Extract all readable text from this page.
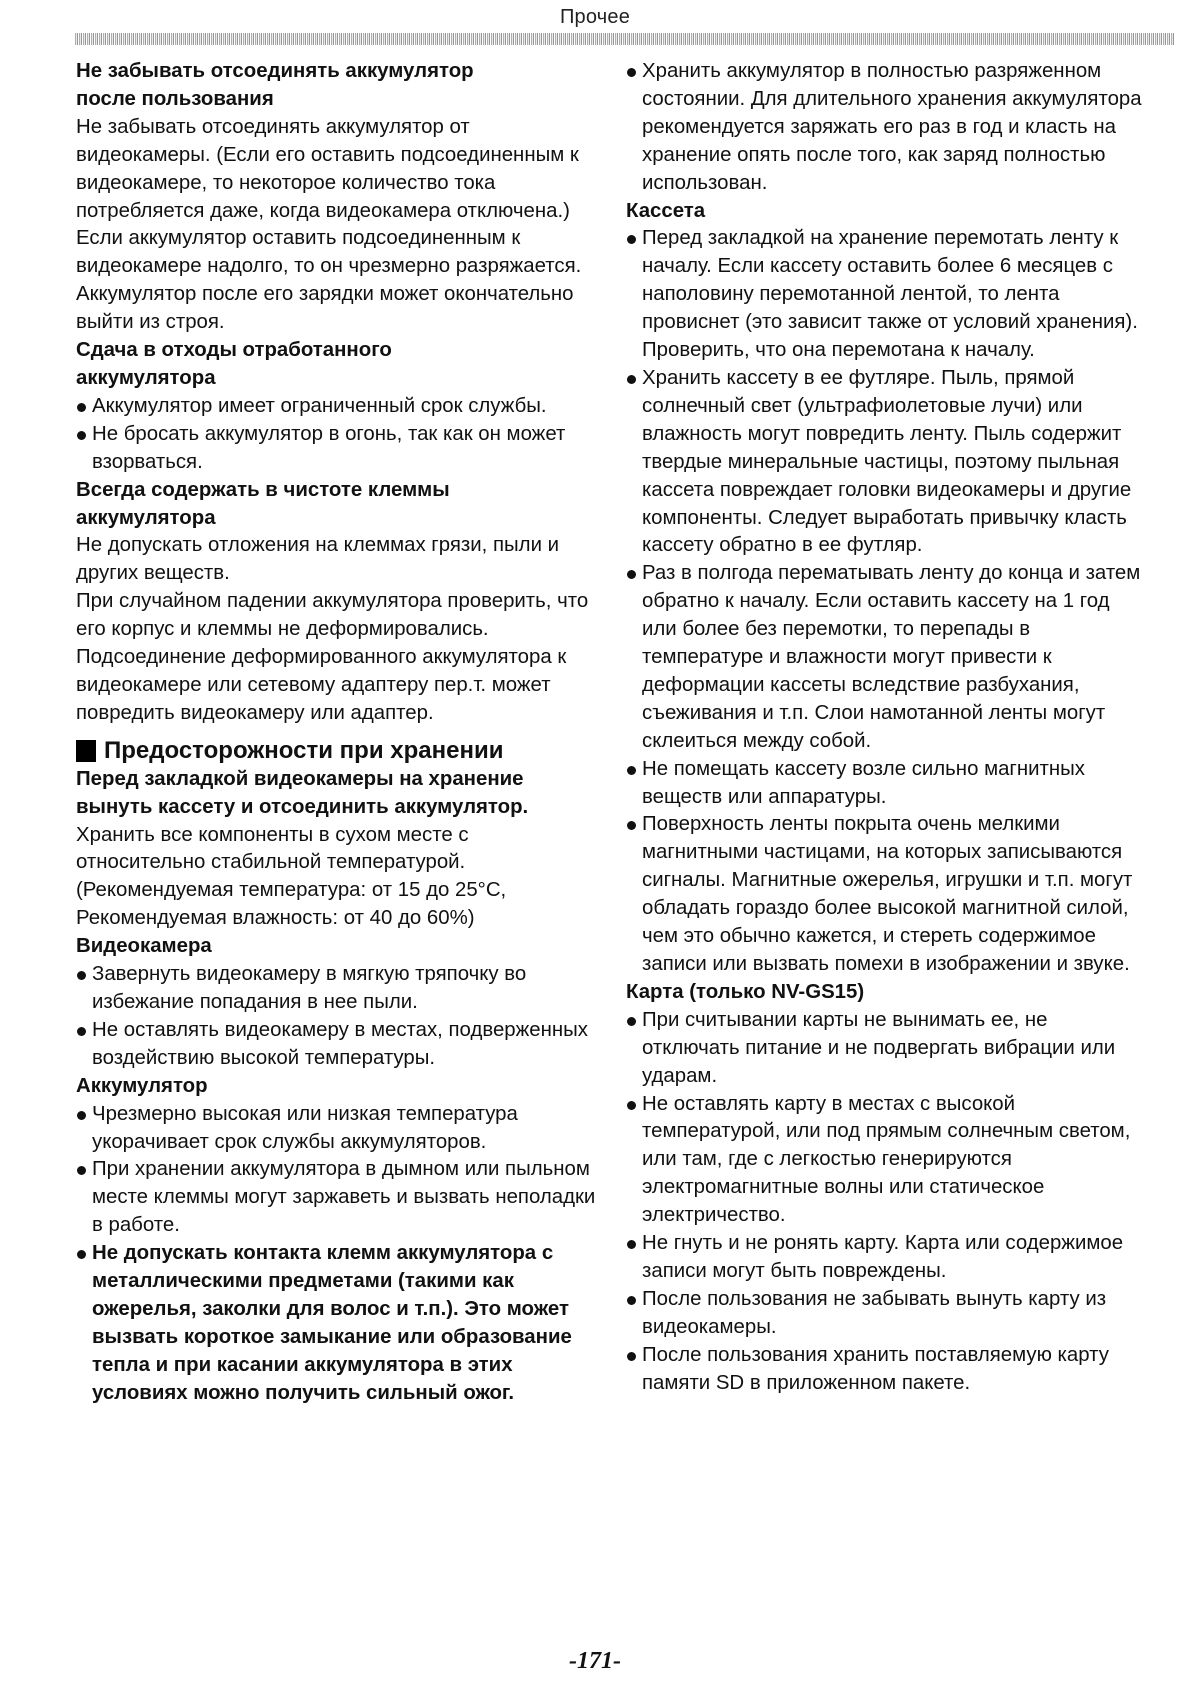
Прочее
Не забывать отсоединять аккумулятор
после пользования

Не забывать отсоединять аккумулятор от видеокамеры. (Если его оставить подсоединенным к видеокамере, то некоторое количество тока потребляется даже, когда видеокамера отключена.) Если аккумулятор оставить подсоединенным к видеокамере надолго, то он чрезмерно разряжается. Аккумулятор после его зарядки может окончательно выйти из строя.

Сдача в отходы отработанного
аккумулятора
Аккумулятор имеет ограниченный срок службы.
Не бросать аккумулятор в огонь, так как он может взорваться.
Всегда содержать в чистоте клеммы
аккумулятора

Не допускать отложения на клеммах грязи, пыли и других веществ.

При случайном падении аккумулятора проверить, что его корпус и клеммы не деформировались.

Подсоединение деформированного аккумулятора к видеокамере или сетевому адаптеру пер.т. может повредить видеокамеру или адаптер.

Предосторожности при хранении

Перед закладкой видеокамеры на хранение вынуть кассету и отсоединить аккумулятор.

Хранить все компоненты в сухом месте с относительно стабильной температурой. (Рекомендуемая температура: от 15 до 25°C, Рекомендуемая влажность: от 40 до 60%)

Видеокамера
Завернуть видеокамеру в мягкую тряпочку во избежание попадания в нее пыли.
Не оставлять видеокамеру в местах, подверженных воздействию высокой температуры.
Аккумулятор
Чрезмерно высокая или низкая температура укорачивает срок службы аккумуляторов.
При хранении аккумулятора в дымном или пыльном месте клеммы могут заржаветь и вызвать неполадки в работе.
Не допускать контакта клемм аккумулятора с металлическими предметами (такими как ожерелья, заколки для волос и т.п.). Это может вызвать короткое замыкание или образование тепла и при касании аккумулятора в этих условиях можно получить сильный ожог.
Хранить аккумулятор в полностью разряженном состоянии. Для длительного хранения аккумулятора рекомендуется заряжать его раз в год и класть на хранение опять после того, как заряд полностью использован.
Кассета
Перед закладкой на хранение перемотать ленту к началу. Если кассету оставить более 6 месяцев с наполовину перемотанной лентой, то лента провиснет (это зависит также от условий хранения). Проверить, что она перемотана к началу.
Хранить кассету в ее футляре. Пыль, прямой солнечный свет (ультрафиолетовые лучи) или влажность могут повредить ленту. Пыль содержит твердые минеральные частицы, поэтому пыльная кассета повреждает головки видеокамеры и другие компоненты. Следует выработать привычку класть кассету обратно в ее футляр.
Раз в полгода перематывать ленту до конца и затем обратно к началу. Если оставить кассету на 1 год или более без перемотки, то перепады в температуре и влажности могут привести к деформации кассеты вследствие разбухания, съеживания и т.п. Слои намотанной ленты могут склеиться между собой.
Не помещать кассету возле сильно магнитных веществ или аппаратуры.
Поверхность ленты покрыта очень мелкими магнитными частицами, на которых записываются сигналы. Магнитные ожерелья, игрушки и т.п. могут обладать гораздо более высокой магнитной силой, чем это обычно кажется, и стереть содержимое записи или вызвать помехи в изображении и звуке.
Карта (только NV-GS15)
При считывании карты не вынимать ее, не отключать питание и не подвергать вибрации или ударам.
Не оставлять карту в местах с высокой температурой, или под прямым солнечным светом, или там, где с легкостью генерируются электромагнитные волны или статическое электричество.
Не гнуть и не ронять карту. Карта или содержимое записи могут быть повреждены.
После пользования не забывать вынуть карту из видеокамеры.
После пользования хранить поставляемую карту памяти SD в приложенном пакете.
-171-
